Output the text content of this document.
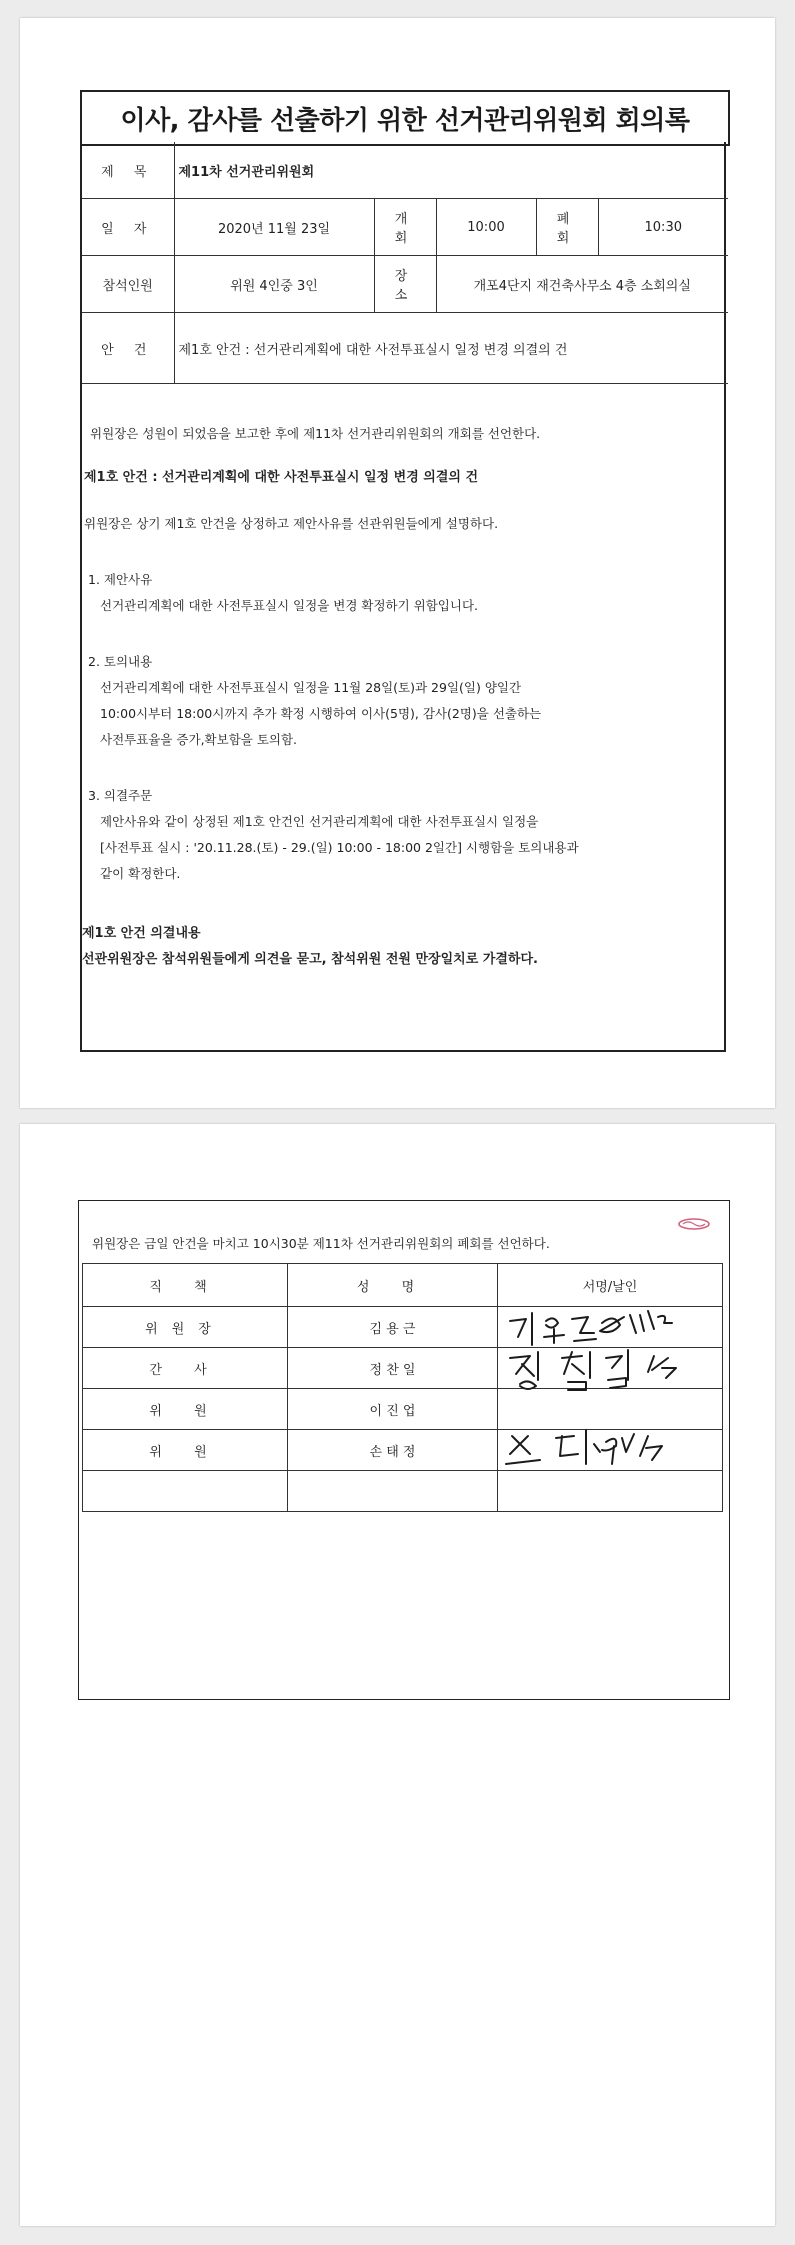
이사, 감사를 선출하기 위한 선거관리위원회 회의록
제 목	제11차 선거관리위원회				
일 자	2020년 11월 23일	개 회	10:00	폐 회	10:30
참석인원	위원 4인중 3인	장 소	개포4단지 재건축사무소 4층 소회의실		
안 건	제1호 안건 : 선거관리계획에 대한 사전투표실시 일정 변경 의결의 건				

위원장은 성원이 되었음을 보고한 후에 제11차 선거관리위원회의 개회를 선언한다.

제1호 안건 : 선거관리계획에 대한 사전투표실시 일정 변경 의결의 건

위원장은 상기 제1호 안건을 상정하고 제안사유를 선관위원들에게 설명하다.

1. 제안사유

선거관리계획에 대한 사전투표실시 일정을 변경 확정하기 위함입니다.

2. 토의내용

선거관리계획에 대한 사전투표실시 일정을 11월 28일(토)과 29일(일) 양일간

10:00시부터 18:00시까지 추가 확정 시행하여 이사(5명), 감사(2명)을 선출하는

사전투표율을 증가,확보함을 토의함.

3. 의결주문

제안사유와 같이 상정된 제1호 안건인 선거관리계획에 대한 사전투표실시 일정을

[사전투표 실시 : '20.11.28.(토) - 29.(일) 10:00 - 18:00 2일간] 시행함을 토의내용과

같이 확정한다.

제1호 안건 의결내용

선관위원장은 참석위원들에게 의견을 묻고, 참석위원 전원 만장일치로 가결하다.

위원장은 금일 안건을 마치고 10시30분 제11차 선거관리위원회의 폐회를 선언하다.

직 책	성 명	서명/날인
위원장	김 용 근	

간 사	정 찬 일	

위 원	이 진 업	
위 원	손 태 정	
